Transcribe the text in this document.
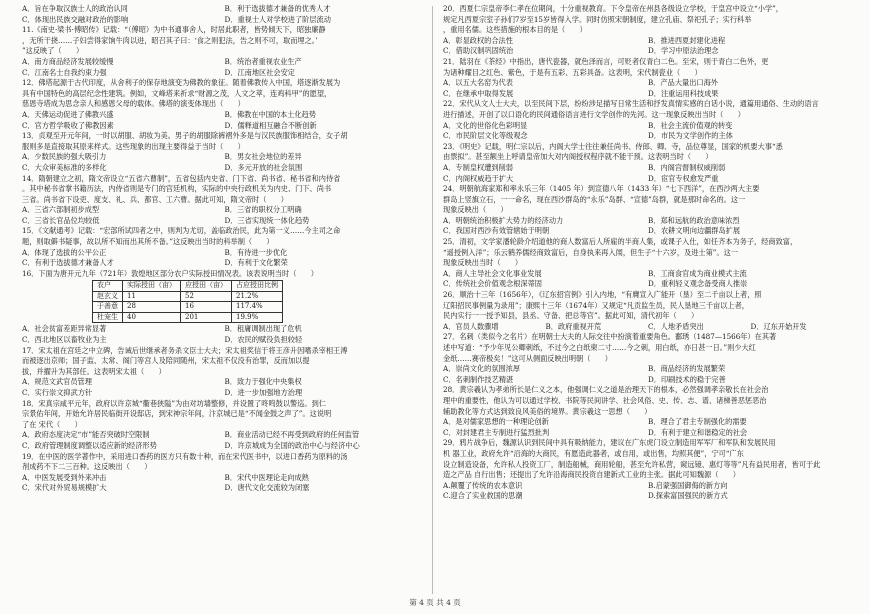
A．旨在争取汉族士人的政治认同	B．利于选拔德才兼备的优秀人才
C．体现出民族交融对政治的影响	D．重视士人对学校进了阶层流动

11.《南史·梁书·傅昭传》记载：“（傅昭）为中书通事舍人，时居此职者，皆势倾天下，昭独廉静

，无所干挠……子妇尝得家饷牛肉以进，昭召其子曰：‘食之则犯法，告之则不可，取而埋之。’

”这反映了（　　）

A．南方商品经济发展较缓慢	B．统治者重视农业生产
C．江南名士自我约束力强	D．江南地区社会安定

12．佛塔起源于古代印度，从舍利子的保存地演变为佛教的象征。随着佛教传入中国，塔逐渐发展为

具有中国特色的高层纪念性建筑。例如，文峰塔来祈求“财源之茂，人文之萃，连鸡科甲”的愿望，

慈恩寺塔成为思念亲人和感恩父母的载体。佛塔的演变体现出（　　）

A．天佛运动促进了佛教兴盛	B．佛教在中国的本土化趋势
C．官方哲学吸收了佛教因素	D．儒释道相互融合不断创新

13．贞观至开元年间，一时以胡服、胡妆为美。男子的胡服除裤褶外多是与汉民族服饰相结合，女子胡

服则多是直接取其原来样式。这些现象的出现主要得益于当时（　　）

A．少数民族的强大吸引力	B．男女社会地位的差异
C．大众审美标准的多样化	D．多元开放的社会氛围

14．隋朝建立之初，隋文帝设立“五省六曹制”，五省包括内史省、门下省、尚书省、秘书省和内侍省

。其中秘书省掌书籍历法，内侍省则是专门的宫廷机构，实际的中央行政机关为内史、门下、尚书

三省。尚书省下设吏、度支、礼、兵、都官、工六曹。据此可知，隋文帝时（　　）

A．三省六部制初步成型	B．三省的职权分工明确
C．三省长官品位均较低	D．三省实现统一体化趋势

15．《文献通考》记载：“宏部所试四者之中，则判为尤切，盖临政治民，此为第一义……今主司之命

题，则取僻书疑事，故以所不知而出其所不备。”这反映出当时的科举制（　　）

A．体现了选拔的公平公正	B．有待进一步优化
C．有利于选拔德才兼备人才	D．有利于文化繁荣

16．下面为唐开元九年（721年）敦煌地区部分农户实际授田情况表。该表说明当时（　　）

农户	实际授田（亩）	应授田（亩）	占应授田比例
赵玄义	11	52	21.2%
于善意	28	16	117.4%
杜宠生	40	201	19.9%
A．社会贫富差距异常显著	B．租庸调制出现了危机
C．西北地区以畜牧业为主	D．农民的赋役负担较轻

17．宋太祖在宫廷之中立碑，告诫后世继承者务杀文臣士大夫；宋太祖奖信于将王彦升因嗜杀宰相王溥

而被逐出京师；国子监、太常、阁门等宫人及陪同随州，宋太祖不仅没有治罪，反而加以提

拔，并擢升为其部任。这表明宋太祖（　　）

A．规范文武官员管理	B．致力于强化中央集权
C．实行崇文抑武方针	D．进一步加强地方治理

18．宋真宗咸平元年，政府以许京城“衢巷狭隘”为由对坊墙整修，并设置了咚鸣鼓以警巡。到仁

宗景佑年间，开始允许居民临街开设邸店，到宋神宗年间，汴京城已是“不闻金鼓之声了”。这说明

了在 宋代（　　）

A．政府态度决定“市”能否突破时空限制	B．商业活动已经不再受到政府的任何监管
C．政府管理制度调整以适应新的经济形势	D．许京城成为全国的政治中心与经济中心

19．在中医的医学著作中，采用进口香药的医方只有数十种，而在宋代医书中，以进口香药为原料的汤

剂成药不下二三百种。这反映出（　　）

A．中医发展受到外来冲击	B．宋代中医理论走向成熟
C．宋代对外贸易规模扩大	D．唐代文化交流较为闭塞

20．西夏仁宗皇帝李仁孝在位期间，十分重视教育。下令皇帝在州县各级设立学校，于皇宫中设立“小学”，

规定凡西夏宗室子孙们7岁至15岁皆得入学。同时仿照宋朝制度，建立孔庙、祭祀孔子；实行科举

，重用名儒。这些措施的根本目的是（　　）

A．彰显政权的合法性	B．推进西夏封建化进程
C．借助汉制巩固统治	D．学习中原法治理念

21．陆羽在《茶经》中指出，唐代瓷器，就色泽而言，可贬者仅青白二色。至宋，则于青白二色外，更

为诸种耀目之红色、紫色，于是有五彩、五彩具备。这表明，宋代制瓷业（　　）

A．以五大名窑为代表	B．产品大量出口海外
C．在继承中取得发展	D．注重运用科技成果

22．宋代从文人士大夫，以至民间下层，纷纷涉足描写日常生活和抒发真情实感的白话小说，通篇用通俗、生动的语言

进行描述，开创了以口语化的民间通俗语言进行文学创作的先河。这一现象反映出当时（　　）

A．文化的世俗化色彩明显	B．社会主流价值观的转变
C．市民阶层文化等级观念	D．市民为文学创作的主体

23．《明史》记载，明仁宗以后，内阁大学士往往兼任尚书、侍郎、卿、寺，品位尊显，国家的机要大事“悉

由票拟”。甚至额坐上呼请皇帝加大对内阁授权程序就不能干预。这表明当时（　　）

A．专制皇权遭到削弱	B．内阁宫督制权威削弱
C．内阁权威趋于扩大	D．宦官专权愈发严重

24．明朝航海家郑和率永乐三年（1405 年）到宣德八年（1433 年）“七下西洋”，在西沙两大主要

群岛上竖旗立石，一一命名，现在西沙群岛的“永乐”岛群、“宣德”岛群，就是那时命名的。这一

现象反映出（　　）

A．明朝统治积极扩大势力的经济动力	B．郑和远航的政治意味浓烈
C．我国对西沙有效管辖始于明朝	D．农耕文明向边疆群岛扩展

25．清初，文学家潘轮龄介绍道他的商人数富后人所雇的半商人集，或课子入仕，如任齐本为务子，经商致富，

“遥授例入洋”；乐云鹤养儒经商致富后，自身执来再入闱，但生子“十六岁，及进士第”。这一

现象反映出当时（　　）

A．商人主导社会文化事业发展	B．工商食官成为商业模式主流
C．传统社会价值观念根深蒂固	D．重利轻义观念备受商人推崇

26．顺治十三年（1656年），《辽东招官例》引入内地，“有膺宣入广能开（垦）至二千亩以上者，照

辽阳招民事例量为录用”；康熙十三年（1674年）又规定“凡贡监生员，民人垦地三千亩以上者，

民内实行一一授予知县，县丞、守备、把总等官”。据此可知，清代初年（　　）

A．官员人数骤增	B．政府重视开荒	C．人地矛盾突出	D．辽东开始开发

27．名刺（类似今之名片）在明朝士大夫的人际交往中扮演着重要角色。鄱琇（1487—1566年）在其著

述中写道：“予少年见公卿刺纸，不过今之白纸柬二寸……今之刺，用白纸，亦日甚一日。”则少大红

金纸……赛帝极矣！”这可从侧面反映出明朝（　　）

A．崇尚文化的氛围浓厚	B．商品经济的发展繁荣
C．名刺制作技艺精湛	D．印刷技术的稳于完善

28．黄宗羲认为孝弟所长是仁义之本，他强调仁义之道是治理天下的根本，必然强调孝亲敬长在社会治

理中的重要性，他认为可以通过学校、书院等民间讲学、社会风俗、史、传、志、谱、诸梯善恶惩恶治

辅助教化等方式达到致良风美俗的境界。黄宗羲这一思想（　　）

A．是对儒家思想的一种理论创新	B．理合了君主专制强化的需要
C．对封建君主专制进行猛烈批判	D．有利于建立和谐稳定的社会

29．鸦片战争后，魏源认识到民间中具有吸纳能力，建议在广东虎门设立制造用军军厂和军队和发展民用

机 器工业，政府允许“沿海的大商民，有愿造此器者，或自用，或出售，均照其便”，宁可“广东

设立制造设备，允许私人投资工厂，制造船械，商用轮船，甚至允许私营，窥远镜、惠灯等等”凡有益民用者，皆可于此

造之产品 自行出售；还提出了允许沿海商民投资自建新式工业的主张。据此可知魏源（　　）

A.颠覆了传统的农本意识	B.启蒙强国御侮的新方向
C.迎合了实业救国的思潮	D.探索富国强民的新方式
第 4 页 共 4 页
